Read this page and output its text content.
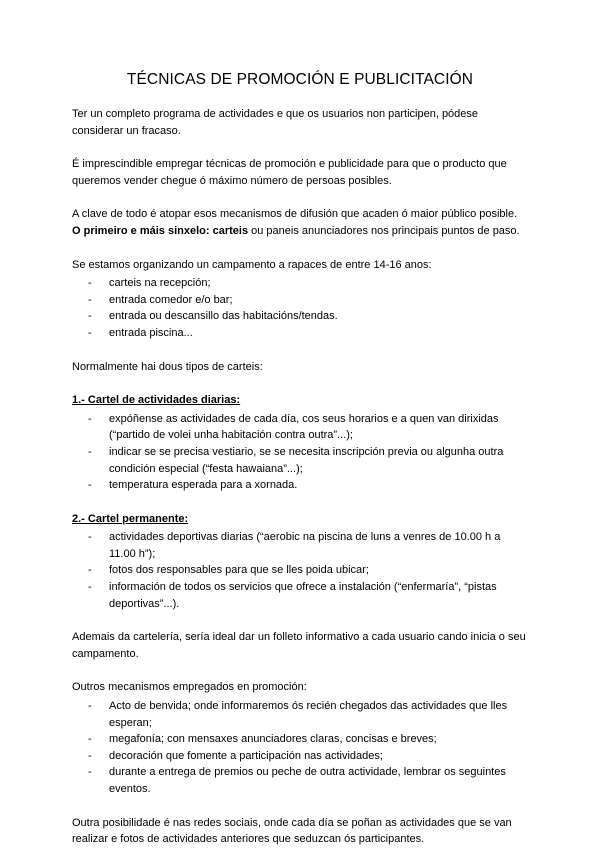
TÉCNICAS DE PROMOCIÓN E PUBLICITACIÓN

Ter un completo programa de actividades e que os usuarios non participen, pódese considerar un fracaso.

É imprescindible empregar técnicas de promoción e publicidade para que o producto que queremos vender chegue ó máximo número de persoas posibles.

A clave de todo é atopar esos mecanismos de difusión que acaden ó maior público posible.
O primeiro e máis sinxelo: carteis ou paneis anunciadores nos principais puntos de paso.

Se estamos organizando un campamento a rapaces de entre 14-16 anos:

- carteis na recepción;
- entrada comedor e/o bar;
- entrada ou descansillo das habitacións/tendas.
- entrada piscina...

Normalmente hai dous tipos de carteis:

1.- Cartel de actividades diarias:
- expóñense as actividades de cada día, cos seus horarios e a quen van dirixidas (“partido de volei unha habitación contra outra”...);
- indicar se se precisa vestiario, se se necesita inscripción previa ou algunha outra condición especial (“festa hawaiana”...);
- temperatura esperada para a xornada.
2.- Cartel permanente:
- actividades deportivas diarias (“aerobic na piscina de luns a venres de 10.00 h a 11.00 h”);
- fotos dos responsables para que se lles poida ubicar;
- información de todos os servicios que ofrece a instalación (“enfermaría”, “pistas deportivas”...).

Ademais da cartelería, sería ideal dar un folleto informativo a cada usuario cando inicia o seu campamento.

Outros mecanismos empregados en promoción:

- Acto de benvida; onde informaremos ós recién chegados das actividades que lles esperan;
- megafonía; con mensaxes anunciadores claras, concisas e breves;
- decoración que fomente a participación nas actividades;
- durante a entrega de premios ou peche de outra actividade, lembrar os seguintes eventos.

Outra posibilidade é nas redes sociais, onde cada día se poñan as actividades que se van realizar e fotos de actividades anteriores que seduzcan ós participantes.
